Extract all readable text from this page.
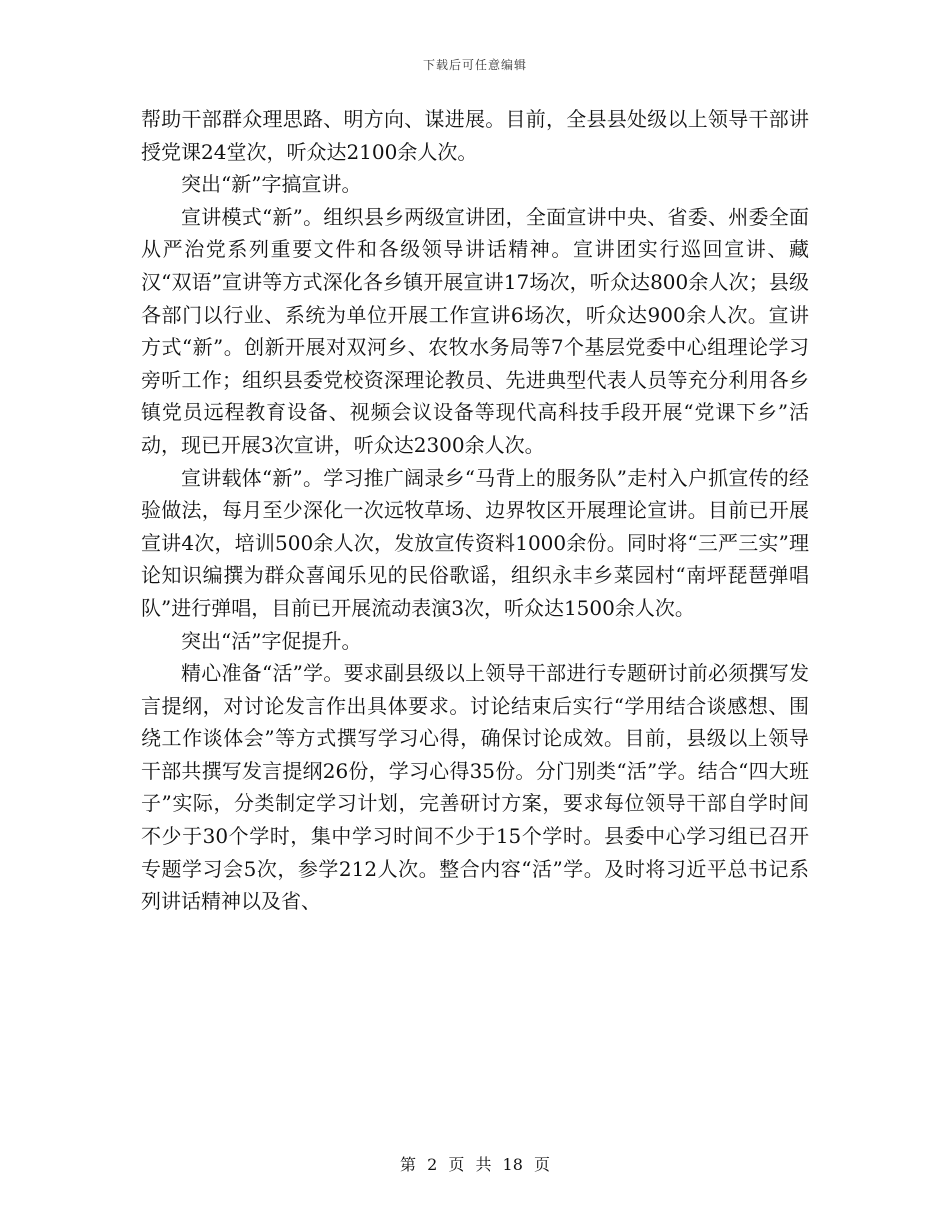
下载后可任意编辑

帮助干部群众理思路、明方向、谋进展。目前，全县县处级以上领导干部讲授党课24堂次，听众达2100余人次。

突出“新”字搞宣讲。

宣讲模式“新”。组织县乡两级宣讲团，全面宣讲中央、省委、州委全面从严治党系列重要文件和各级领导讲话精神。宣讲团实行巡回宣讲、藏汉“双语”宣讲等方式深化各乡镇开展宣讲17场次，听众达800余人次；县级各部门以行业、系统为单位开展工作宣讲6场次，听众达900余人次。宣讲方式“新”。创新开展对双河乡、农牧水务局等7个基层党委中心组理论学习旁听工作；组织县委党校资深理论教员、先进典型代表人员等充分利用各乡镇党员远程教育设备、视频会议设备等现代高科技手段开展“党课下乡”活动，现已开展3次宣讲，听众达2300余人次。

宣讲载体“新”。学习推广阔录乡“马背上的服务队”走村入户抓宣传的经验做法，每月至少深化一次远牧草场、边界牧区开展理论宣讲。目前已开展宣讲4次，培训500余人次，发放宣传资料1000余份。同时将“三严三实”理论知识编撰为群众喜闻乐见的民俗歌谣，组织永丰乡菜园村“南坪琵琶弹唱队”进行弹唱，目前已开展流动表演3次，听众达1500余人次。

突出“活”字促提升。

精心准备“活”学。要求副县级以上领导干部进行专题研讨前必须撰写发言提纲，对讨论发言作出具体要求。讨论结束后实行“学用结合谈感想、围绕工作谈体会”等方式撰写学习心得，确保讨论成效。目前，县级以上领导干部共撰写发言提纲26份，学习心得35份。分门别类“活”学。结合“四大班子”实际，分类制定学习计划，完善研讨方案，要求每位领导干部自学时间不少于30个学时，集中学习时间不少于15个学时。县委中心学习组已召开专题学习会5次，参学212人次。整合内容“活”学。及时将习近平总书记系列讲话精神以及省、

第 2 页 共 18 页
